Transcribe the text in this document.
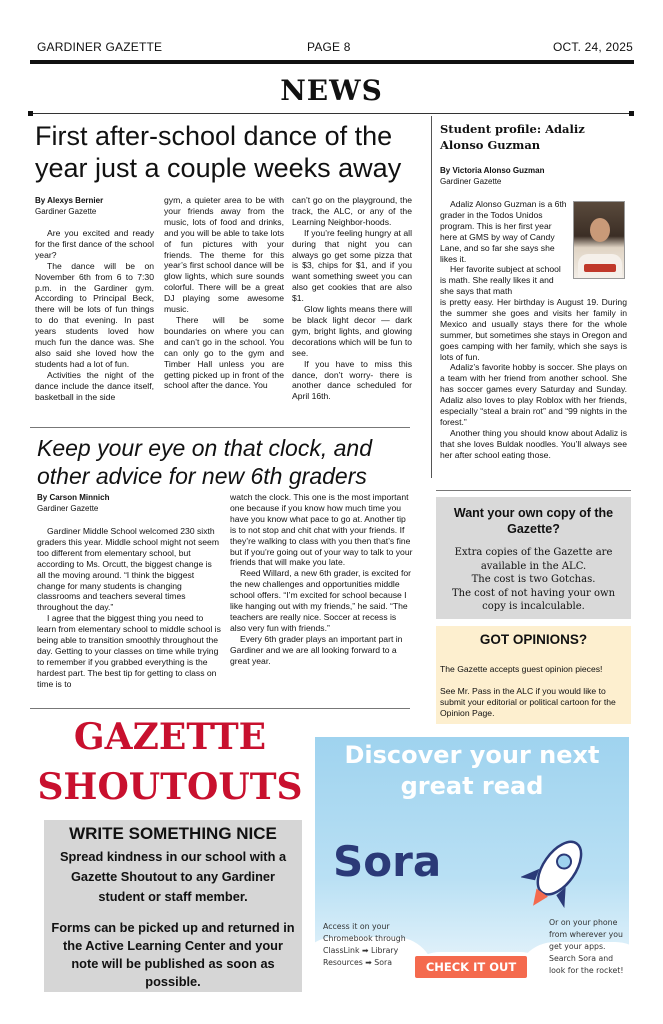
GARDINER GAZETTE	PAGE 8	OCT. 24, 2025
NEWS
First after-school dance of the year just a couple weeks away
By Alexys Bernier
Gardiner Gazette

Are you excited and ready for the first dance of the school year?

The dance will be on November 6th from 6 to 7:30 p.m. in the Gardiner gym. According to Principal Beck, there will be lots of fun things to do that evening. In past years students loved how much fun the dance was. She also said she loved how the students had a lot of fun.

Activities the night of the dance include the dance itself, basketball in the side

gym, a quieter area to be with your friends away from the music, lots of food and drinks, and you will be able to take lots of fun pictures with your friends. The theme for this year’s first school dance will be glow lights, which sure sounds colorful. There will be a great DJ playing some awesome music.

There will be some boundaries on where you can and can’t go in the school. You can only go to the gym and Timber Hall unless you are getting picked up in front of the school after the dance. You

can’t go on the playground, the track, the ALC, or any of the Learning Neighbor-hoods.

If you’re feeling hungry at all during that night you can always go get some pizza that is $3, chips for $1, and if you want something sweet you can also get cookies that are also $1.

Glow lights means there will be black light decor — dark gym, bright lights, and glowing decorations which will be fun to see.

If you have to miss this dance, don’t worry- there is another dance scheduled for April 16th.

Keep your eye on that clock, and other advice for new 6th graders
By Carson Minnich
Gardiner Gazette

Gardiner Middle School welcomed 230 sixth graders this year. Middle school might not seem too different from elementary school, but according to Ms. Orcutt, the biggest change is all the moving around. “I think the biggest change for many students is changing classrooms and teachers several times throughout the day.”

I agree that the biggest thing you need to learn from elementary school to middle school is being able to transition smoothly throughout the day. Getting to your classes on time while trying to remember if you grabbed everything is the hardest part. The best tip for getting to class on time is to

watch the clock. This one is the most important one because if you know how much time you have you know what pace to go at. Another tip is to not stop and chit chat with your friends. If they’re walking to class with you then that’s fine but if you’re going out of your way to talk to your friends that will make you late.

Reed Willard, a new 6th grader, is excited for the new challenges and opportunities middle school offers. “I’m excited for school because I like hanging out with my friends,” he said. “The teachers are really nice. Soccer at recess is also very fun with friends.”

Every 6th grader plays an important part in Gardiner and we are all looking forward to a great year.

Student profile: Adaliz Alonso Guzman
By Victoria Alonso Guzman
Gardiner Gazette

Adaliz Alonso Guzman is a 6th grader in the Todos Unidos program. This is her first year here at GMS by way of Candy Lane, and so far she says she likes it.

Her favorite subject at school is math. She really likes it and she says that math

is pretty easy. Her birthday is August 19. During the summer she goes and visits her family in Mexico and usually stays there for the whole summer, but sometimes she stays in Oregon and goes camping with her family, which she says is lots of fun.

Adaliz’s favorite hobby is soccer. She plays on a team with her friend from another school. She has soccer games every Saturday and Sunday. Adaliz also loves to play Roblox with her friends, especially “steal a brain rot” and “99 nights in the forest.”

Another thing you should know about Adaliz is that she loves Buldak noodles. You’ll always see her after school eating those.

Want your own copy of the Gazette?
Extra copies of the Gazette are available in the ALC.
The cost is two Gotchas.
The cost of not having your own copy is incalculable.
GOT OPINIONS?

The Gazette accepts guest opinion pieces!

See Mr. Pass in the ALC if you would like to submit your editorial or political cartoon for the Opinion Page.

GAZETTE
SHOUTOUTS
WRITE SOMETHING NICE
Spread kindness in our school with a Gazette Shoutout to any Gardiner student or staff member.
Forms can be picked up and returned in the Active Learning Center and your note will be published as soon as possible.
Discover your next great read
Sora
Access it on your Chromebook through ClassLink ➡ Library Resources ➡ Sora
Or on your phone from wherever you get your apps. Search Sora and look for the rocket!
CHECK IT OUT
